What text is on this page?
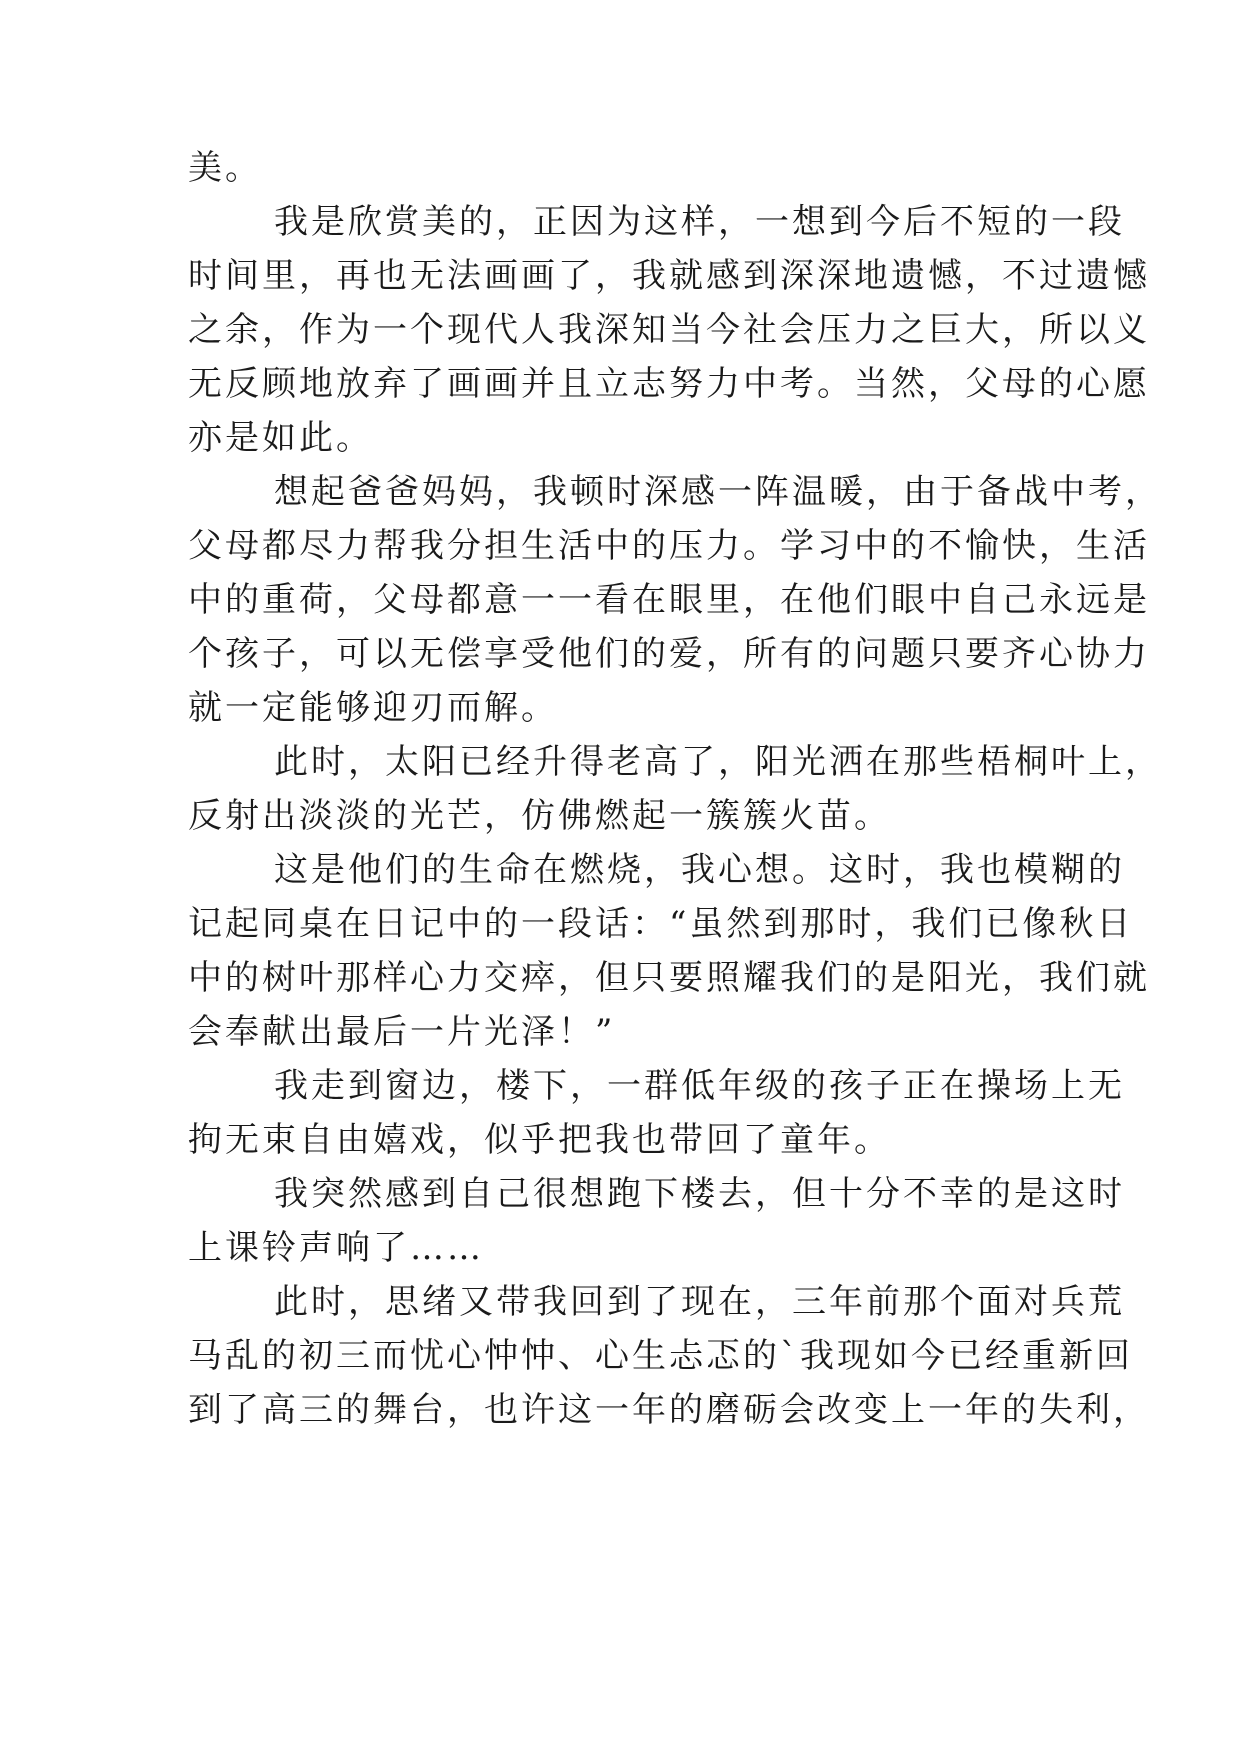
美。
我是欣赏美的，正因为这样，一想到今后不短的一段
时间里，再也无法画画了，我就感到深深地遗憾，不过遗憾
之余，作为一个现代人我深知当今社会压力之巨大，所以义
无反顾地放弃了画画并且立志努力中考。当然，父母的心愿
亦是如此。
想起爸爸妈妈，我顿时深感一阵温暖，由于备战中考，
父母都尽力帮我分担生活中的压力。学习中的不愉快，生活
中的重荷，父母都意一一看在眼里，在他们眼中自己永远是
个孩子，可以无偿享受他们的爱，所有的问题只要齐心协力
就一定能够迎刃而解。
此时，太阳已经升得老高了，阳光洒在那些梧桐叶上，
反射出淡淡的光芒，仿佛燃起一簇簇火苗。
这是他们的生命在燃烧，我心想。这时，我也模糊的
记起同桌在日记中的一段话：“虽然到那时，我们已像秋日
中的树叶那样心力交瘁，但只要照耀我们的是阳光，我们就
会奉献出最后一片光泽！”
我走到窗边，楼下，一群低年级的孩子正在操场上无
拘无束自由嬉戏，似乎把我也带回了童年。
我突然感到自己很想跑下楼去，但十分不幸的是这时
上课铃声响了……
此时，思绪又带我回到了现在，三年前那个面对兵荒
马乱的初三而忧心忡忡、心生忐忑的`我现如今已经重新回
到了高三的舞台，也许这一年的磨砺会改变上一年的失利，
